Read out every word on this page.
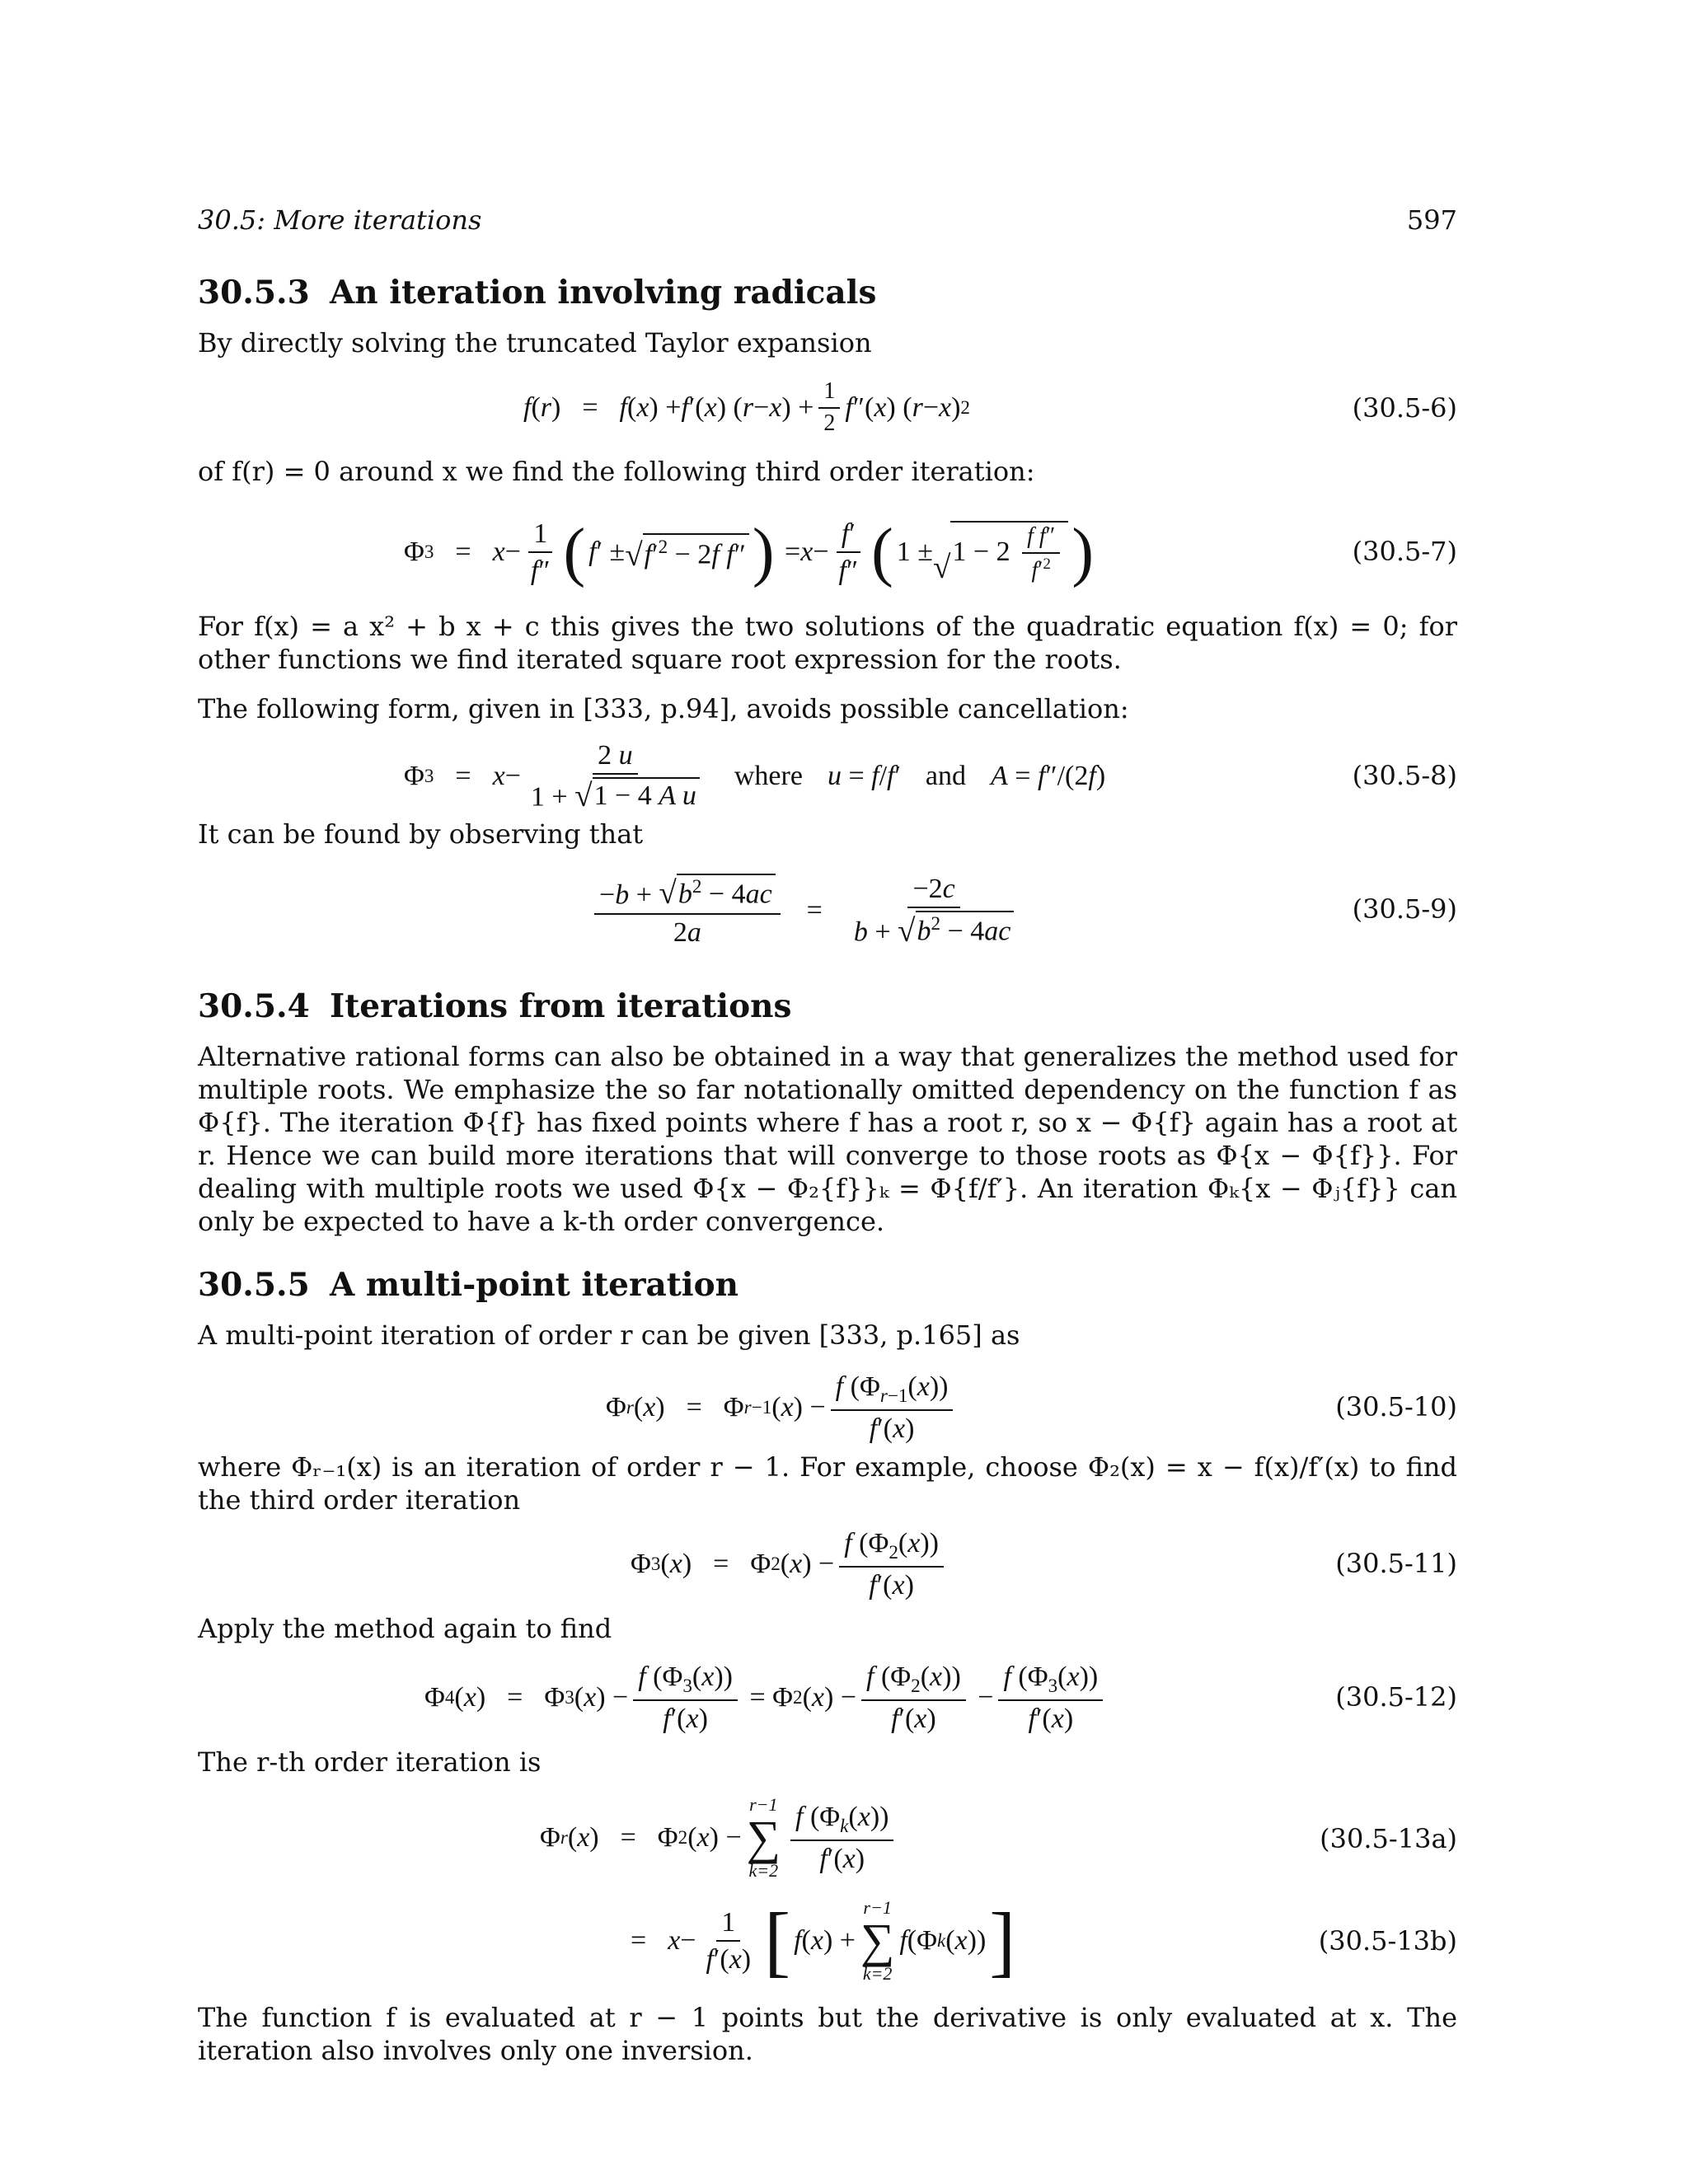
30.5: More iterations	597
30.5.3 An iteration involving radicals
By directly solving the truncated Taylor expansion
f ( r ) = f ( x ) + f ′( x ) ( r − x ) + $\frac{1}{2}$ f ″( x ) ( r − x ) 2	(30.5-6)
of f(r) = 0 around x we find the following third order iteration:
Φ $3 = x - \frac{1}{f''}$ ( f ′ ± √ $f'^2 - 2f$ f″ ) = $x - \frac{f'}{f''}$ ( 1 ± √ $1 - 2 \frac{\text{f f″}}{f'^2}$ )	(30.5-7)
For f(x) = a x² + b x + c this gives the two solutions of the quadratic equation f(x) = 0; for other functions we find iterated square root expression for the roots.
The following form, given in [333, p.94], avoids possible cancellation:
Φ $3 = x - \frac{2 u}{\text{1 + √ 1 − 4 A u}}$ where u = f/f′ and A = f″/(2f)	(30.5-8)
It can be found by observing that
$\frac{-b + √ b^2 - 4ac}{2a} = \frac{-2c}{b + √ b^2 - 4ac}$	(30.5-9)
30.5.4 Iterations from iterations
Alternative rational forms can also be obtained in a way that generalizes the method used for multiple roots. We emphasize the so far notationally omitted dependency on the function f as Φ{f}. The iteration Φ{f} has fixed points where f has a root r, so x − Φ{f} again has a root at r. Hence we can build more iterations that will converge to those roots as Φ{x − Φ{f}}. For dealing with multiple roots we used Φ{x − Φ₂{f}}ₖ = Φ{f/f′}. An iteration Φₖ{x − Φⱼ{f}} can only be expected to have a k-th order convergence.
30.5.5 A multi-point iteration
A multi-point iteration of order r can be given [333, p.165] as
Φ r ( x ) = Φ r−1 ( x ) − $\frac{f (\Phi_{r-1}(x))}{f'(x)}$	(30.5-10)
where Φᵣ₋₁(x) is an iteration of order r − 1. For example, choose Φ₂(x) = x − f(x)/f′(x) to find the third order iteration
Φ 3 ( x ) = Φ 2 ( x ) − $\frac{f (\Phi_2(x))}{f'(x)}$	(30.5-11)
Apply the method again to find
Φ 4 ( x ) = Φ 3 ( x ) − $\frac{f (\Phi_3(x))}{f'(x)} = \Phi$ 2 ( x ) − $\frac{f (\Phi_2(x))}{f'(x)} - \frac{f (\Phi_3(x))}{f'(x)}$	(30.5-12)
The r-th order iteration is
Φ r ( x ) = Φ 2 ( x ) −
r−1
∑
$k=2 \frac{f (\Phi_k(x))}{f'(x)}$	(30.5-13a)
= $x - \frac{1}{f'(x)}$ [ f ( x ) +
r−1
∑
k=2
f (Φ k ( x )) ]	(30.5-13b)
The function f is evaluated at r − 1 points but the derivative is only evaluated at x. The iteration also involves only one inversion.
